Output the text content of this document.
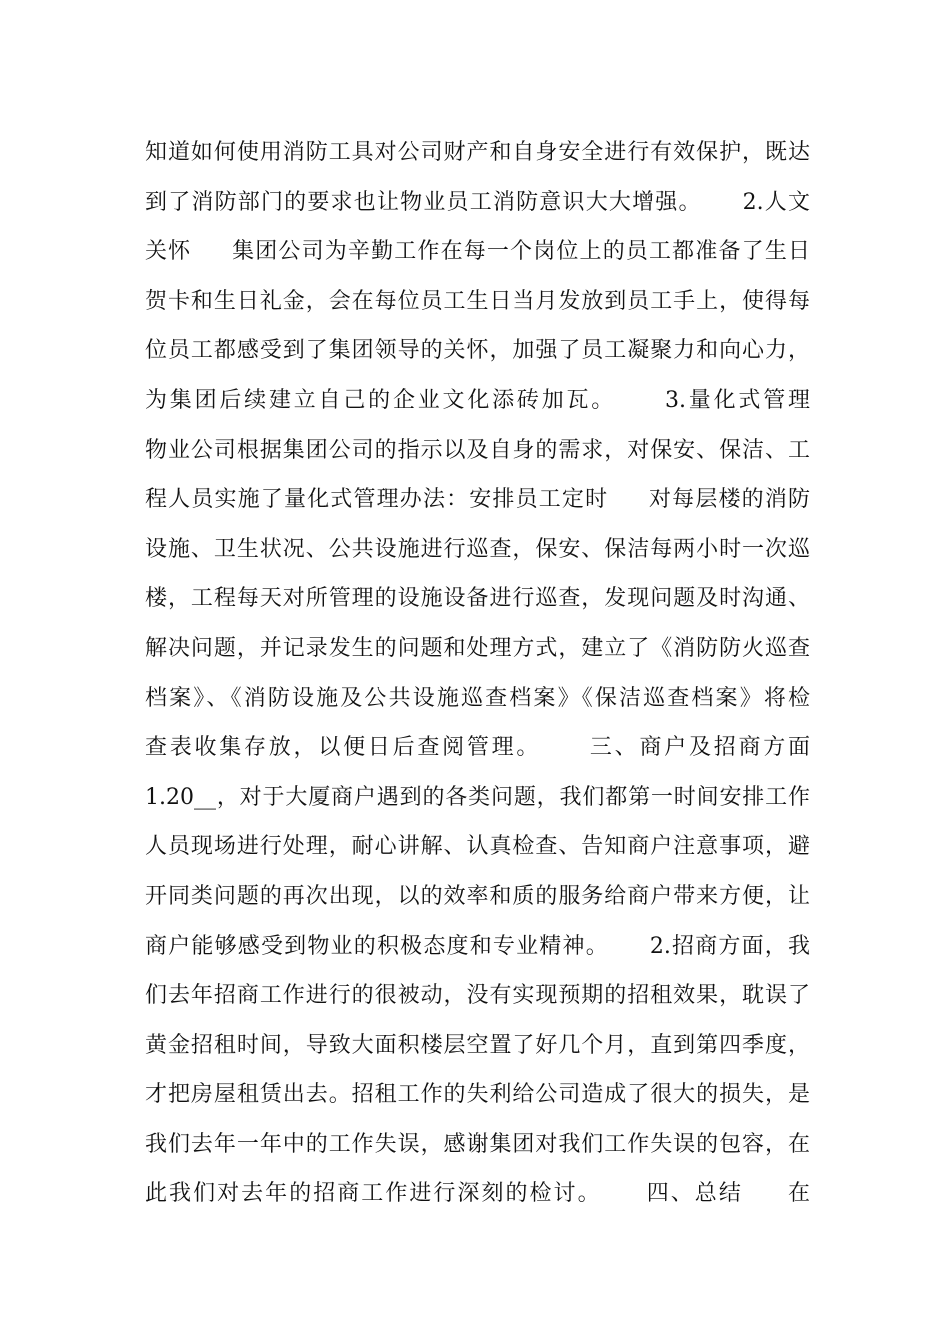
知道如何使用消防工具对公司财产和自身安全进行有效保护，既达
到了消防部门的要求也让物业员工消防意识大大增强。     2.人文
关怀     集团公司为辛勤工作在每一个岗位上的员工都准备了生日
贺卡和生日礼金，会在每位员工生日当月发放到员工手上，使得每
位员工都感受到了集团领导的关怀，加强了员工凝聚力和向心力，
为集团后续建立自己的企业文化添砖加瓦。     3.量化式管理
物业公司根据集团公司的指示以及自身的需求，对保安、保洁、工
程人员实施了量化式管理办法：安排员工定时     对每层楼的消防
设施、卫生状况、公共设施进行巡查，保安、保洁每两小时一次巡
楼，工程每天对所管理的设施设备进行巡查，发现问题及时沟通、
解决问题，并记录发生的问题和处理方式，建立了《消防防火巡查
档案》、《消防设施及公共设施巡查档案》《保洁巡查档案》将检
查表收集存放，以便日后查阅管理。     三、商户及招商方面
1.20__，对于大厦商户遇到的各类问题，我们都第一时间安排工作
人员现场进行处理，耐心讲解、认真检查、告知商户注意事项，避
开同类问题的再次出现，以的效率和质的服务给商户带来方便，让
商户能够感受到物业的积极态度和专业精神。     2.招商方面，我
们去年招商工作进行的很被动，没有实现预期的招租效果，耽误了
黄金招租时间，导致大面积楼层空置了好几个月，直到第四季度，
才把房屋租赁出去。招租工作的失利给公司造成了很大的损失，是
我们去年一年中的工作失误，感谢集团对我们工作失误的包容，在
此我们对去年的招商工作进行深刻的检讨。     四、总结     在
